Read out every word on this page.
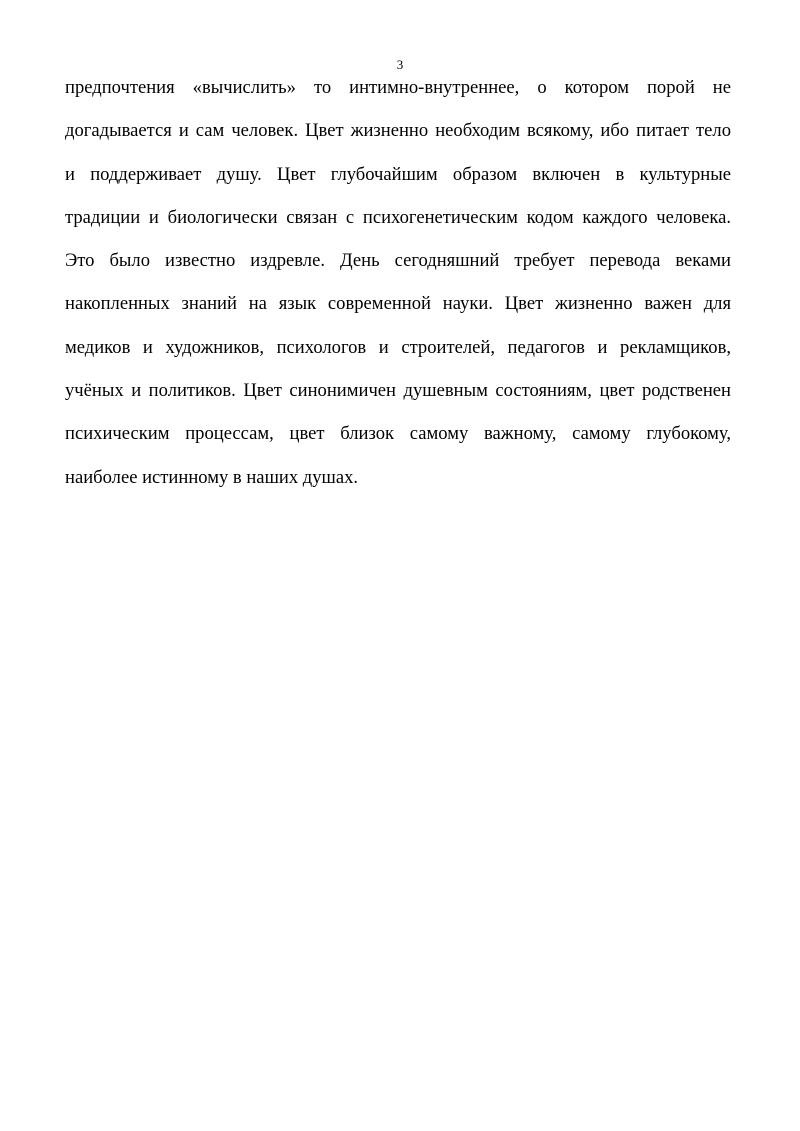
3
предпочтения «вычислить» то интимно-внутреннее, о котором порой не
догадывается и сам человек. Цвет жизненно необходим всякому, ибо питает тело
и поддерживает душу. Цвет глубочайшим образом включен в культурные
традиции и биологически связан с психогенетическим кодом каждого человека.
Это было известно издревле. День сегодняшний требует перевода веками
накопленных знаний на язык современной науки. Цвет жизненно важен для
медиков и художников, психологов и строителей, педагогов и рекламщиков,
учёных и политиков. Цвет синонимичен душевным состояниям, цвет родственен
психическим процессам, цвет близок самому важному, самому глубокому,
наиболее истинному в наших душах.
